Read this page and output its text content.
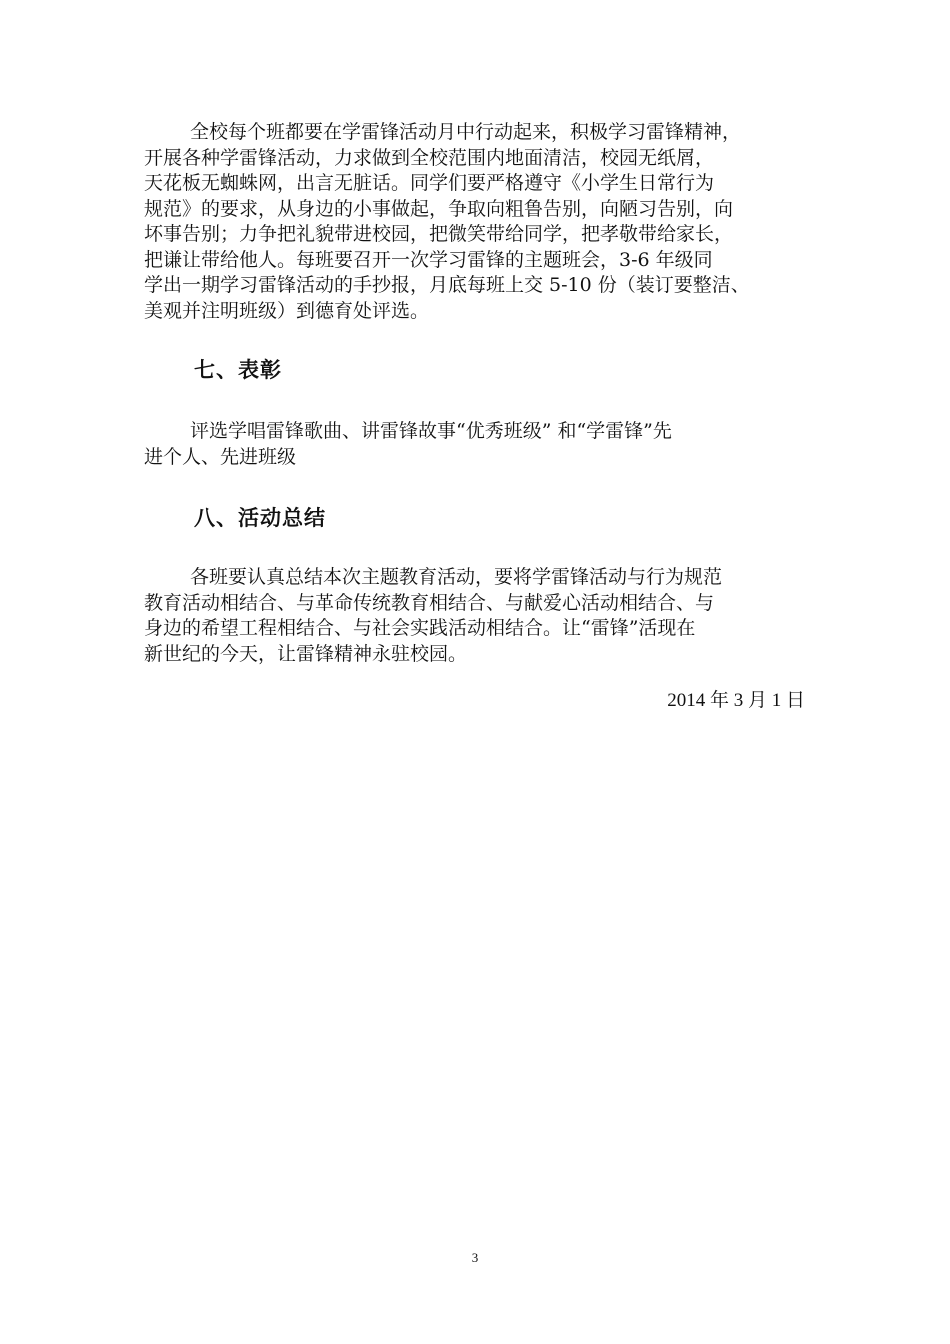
全校每个班都要在学雷锋活动月中行动起来，积极学习雷锋精神，
开展各种学雷锋活动，力求做到全校范围内地面清洁，校园无纸屑，
天花板无蜘蛛网，出言无脏话。同学们要严格遵守《小学生日常行为
规范》的要求，从身边的小事做起，争取向粗鲁告别，向陋习告别，向
坏事告别；力争把礼貌带进校园，把微笑带给同学，把孝敬带给家长，
把谦让带给他人。每班要召开一次学习雷锋的主题班会，3-6 年级同
学出一期学习雷锋活动的手抄报，月底每班上交 5-10 份（装订要整洁、
美观并注明班级）到德育处评选。
七、表彰
评选学唱雷锋歌曲、讲雷锋故事“优秀班级” 和“学雷锋”先
进个人、先进班级
八、活动总结
各班要认真总结本次主题教育活动，要将学雷锋活动与行为规范
教育活动相结合、与革命传统教育相结合、与献爱心活动相结合、与
身边的希望工程相结合、与社会实践活动相结合。让“雷锋”活现在
新世纪的今天，让雷锋精神永驻校园。
2014 年 3 月 1 日
3
